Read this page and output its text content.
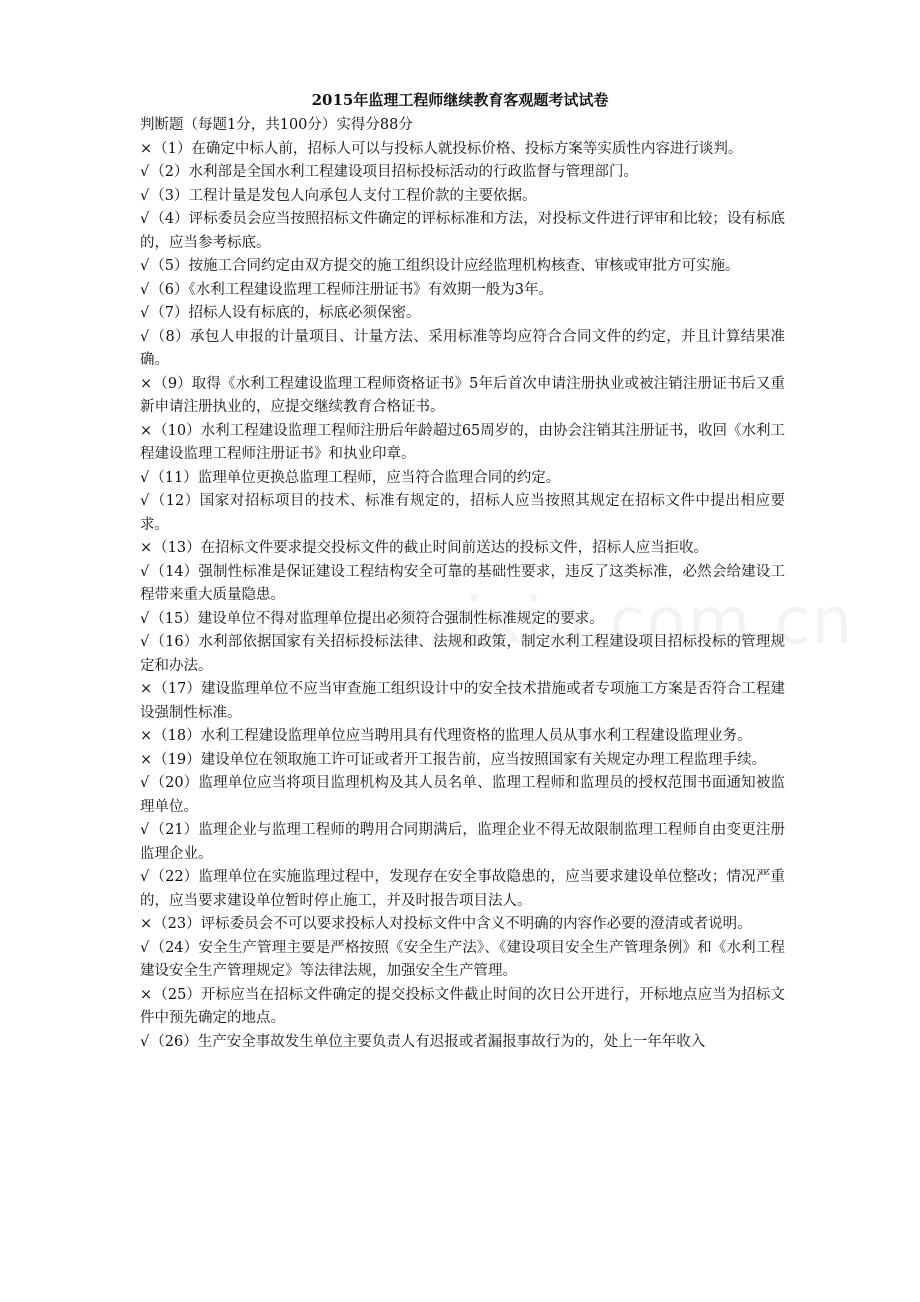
2015年监理工程师继续教育客观题考试试卷

判断题（每题1分，共100分）实得分88分

×（1）在确定中标人前，招标人可以与投标人就投标价格、投标方案等实质性内容进行谈判。

√（2）水利部是全国水利工程建设项目招标投标活动的行政监督与管理部门。

√（3）工程计量是发包人向承包人支付工程价款的主要依据。

√（4）评标委员会应当按照招标文件确定的评标标准和方法，对投标文件进行评审和比较；设有标底的，应当参考标底。

√（5）按施工合同约定由双方提交的施工组织设计应经监理机构核查、审核或审批方可实施。

√（6）《水利工程建设监理工程师注册证书》有效期一般为3年。

√（7）招标人设有标底的，标底必须保密。

√（8）承包人申报的计量项目、计量方法、采用标准等均应符合合同文件的约定，并且计算结果准确。

×（9）取得《水利工程建设监理工程师资格证书》5年后首次申请注册执业或被注销注册证书后又重新申请注册执业的，应提交继续教育合格证书。

×（10）水利工程建设监理工程师注册后年龄超过65周岁的，由协会注销其注册证书，收回《水利工程建设监理工程师注册证书》和执业印章。

√（11）监理单位更换总监理工程师，应当符合监理合同的约定。

√（12）国家对招标项目的技术、标准有规定的，招标人应当按照其规定在招标文件中提出相应要求。

×（13）在招标文件要求提交投标文件的截止时间前送达的投标文件，招标人应当拒收。

√（14）强制性标准是保证建设工程结构安全可靠的基础性要求，违反了这类标准，必然会给建设工程带来重大质量隐患。

√（15）建设单位不得对监理单位提出必须符合强制性标准规定的要求。

√（16）水利部依据国家有关招标投标法律、法规和政策，制定水利工程建设项目招标投标的管理规定和办法。

×（17）建设监理单位不应当审查施工组织设计中的安全技术措施或者专项施工方案是否符合工程建设强制性标准。

×（18）水利工程建设监理单位应当聘用具有代理资格的监理人员从事水利工程建设监理业务。

×（19）建设单位在领取施工许可证或者开工报告前，应当按照国家有关规定办理工程监理手续。

√（20）监理单位应当将项目监理机构及其人员名单、监理工程师和监理员的授权范围书面通知被监理单位。

√（21）监理企业与监理工程师的聘用合同期满后，监理企业不得无故限制监理工程师自由变更注册监理企业。

√（22）监理单位在实施监理过程中，发现存在安全事故隐患的，应当要求建设单位整改；情况严重的，应当要求建设单位暂时停止施工，并及时报告项目法人。

×（23）评标委员会不可以要求投标人对投标文件中含义不明确的内容作必要的澄清或者说明。

√（24）安全生产管理主要是严格按照《安全生产法》、《建设项目安全生产管理条例》和《水利工程建设安全生产管理规定》等法律法规，加强安全生产管理。

×（25）开标应当在招标文件确定的提交投标文件截止时间的次日公开进行，开标地点应当为招标文件中预先确定的地点。

√（26）生产安全事故发生单位主要负责人有迟报或者漏报事故行为的，处上一年年收入
